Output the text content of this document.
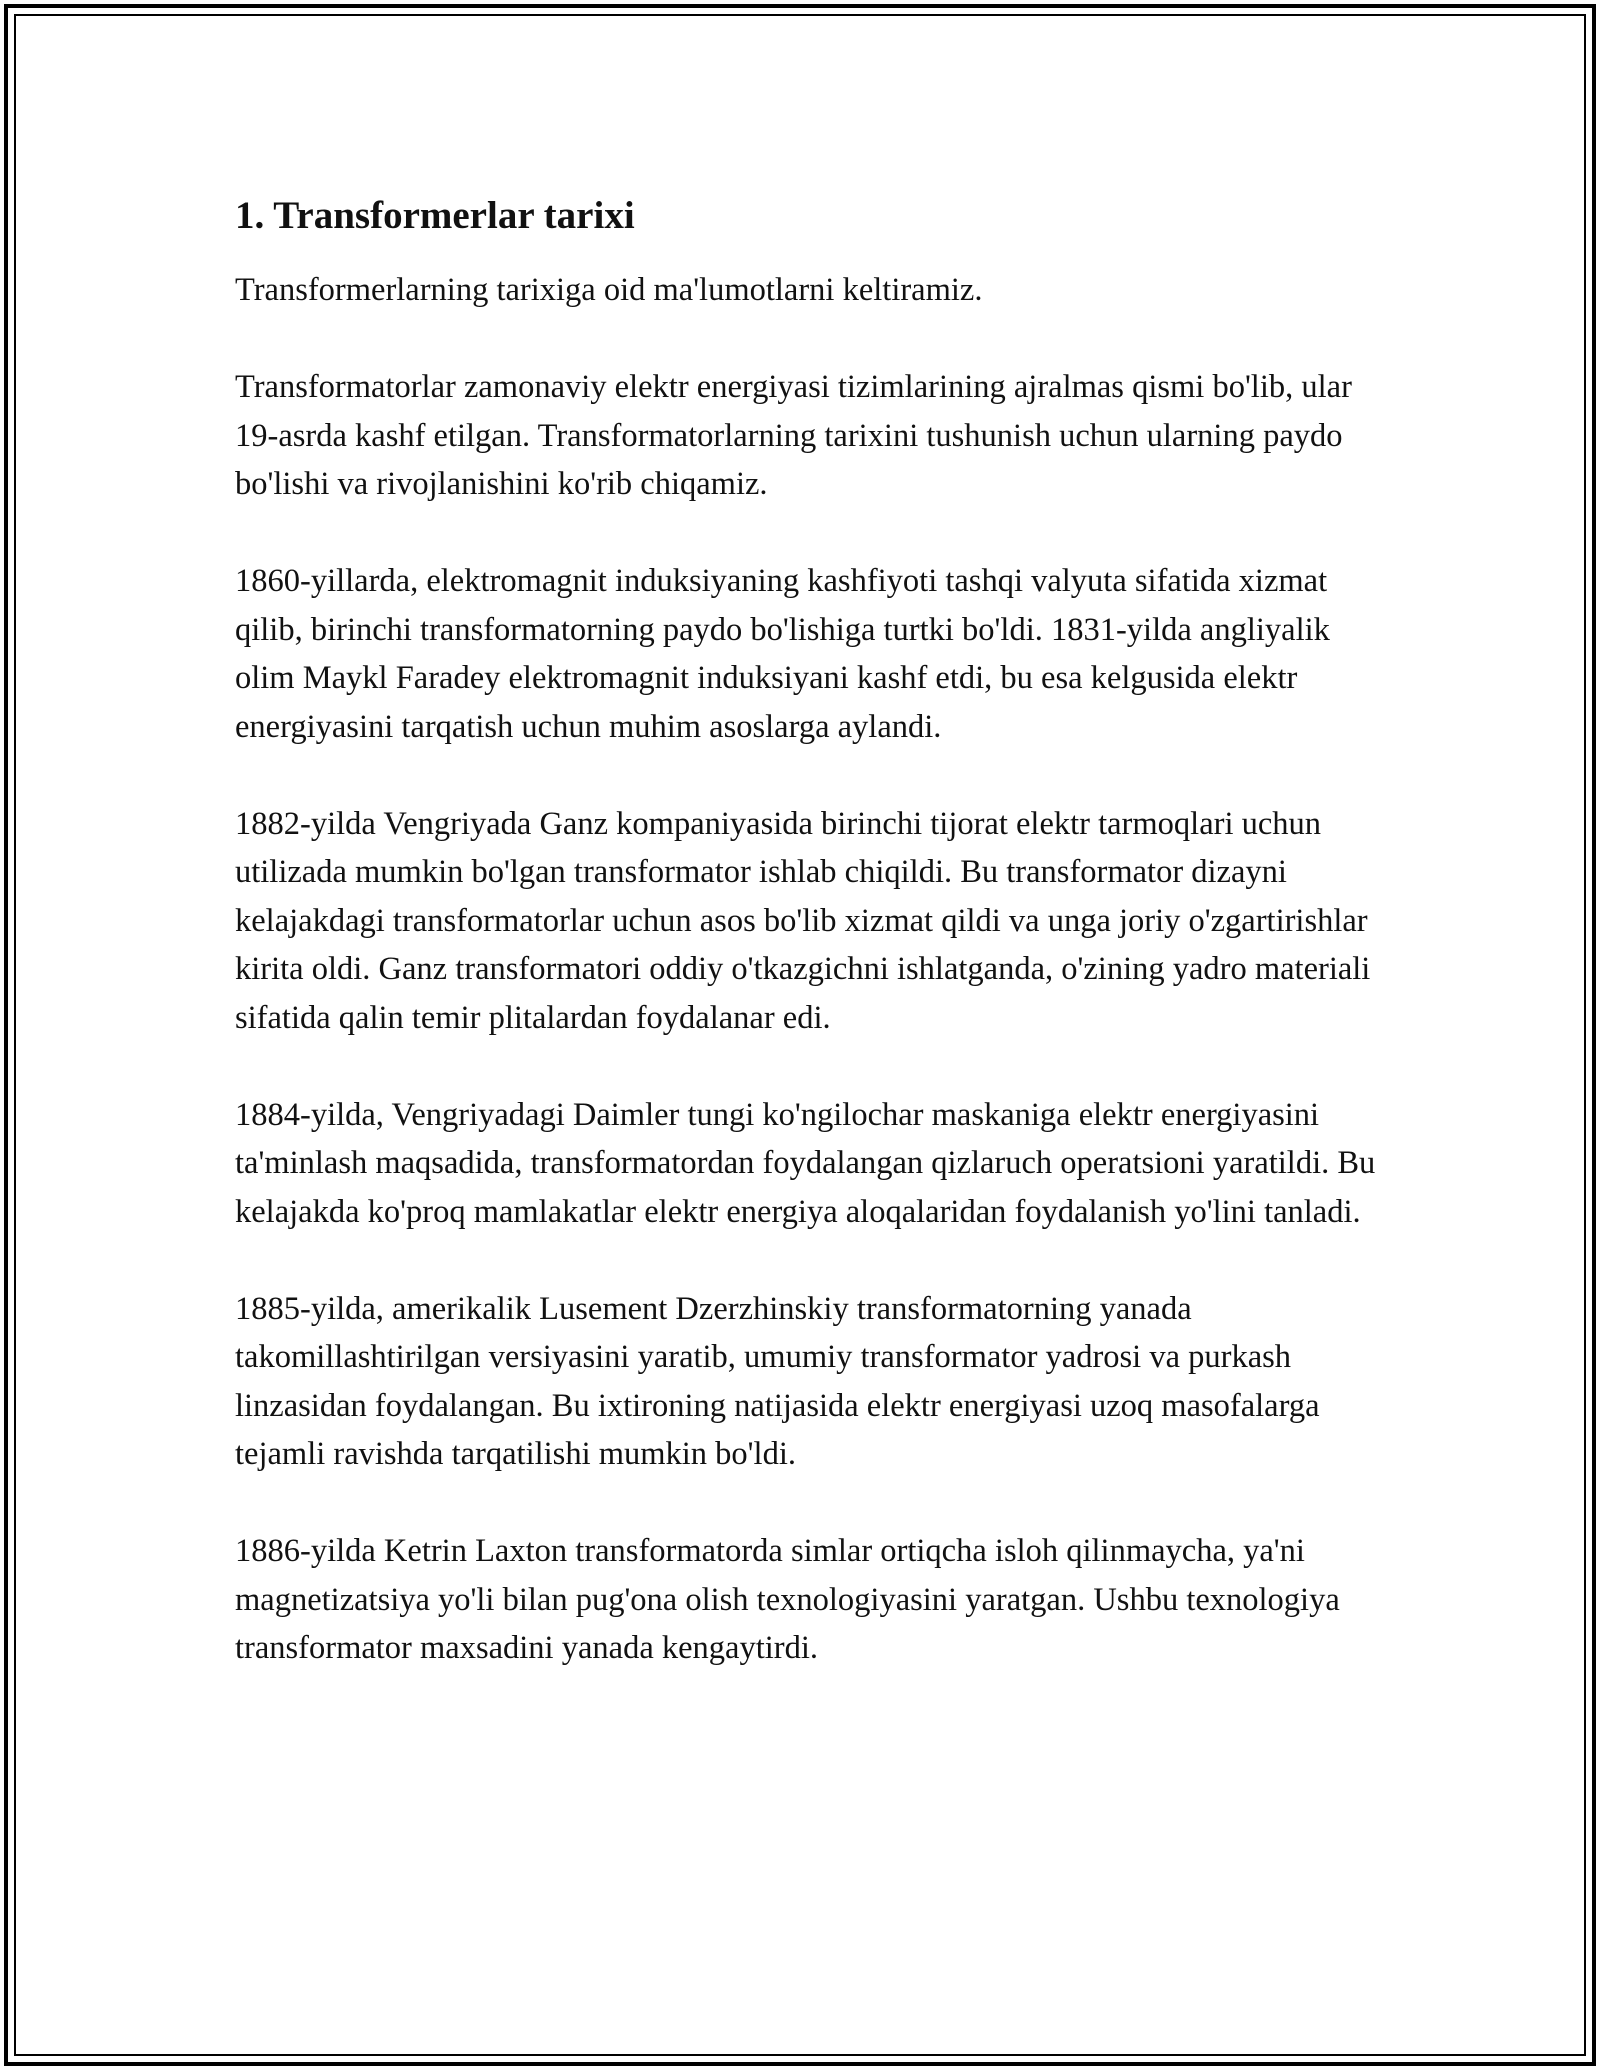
1. Transformerlar tarixi

Transformerlarning tarixiga oid ma'lumotlarni keltiramiz.

Transformatorlar zamonaviy elektr energiyasi tizimlarining ajralmas qismi bo'lib, ular 19-asrda kashf etilgan. Transformatorlarning tarixini tushunish uchun ularning paydo bo'lishi va rivojlanishini ko'rib chiqamiz.

1860-yillarda, elektromagnit induksiyaning kashfiyoti tashqi valyuta sifatida xizmat qilib, birinchi transformatorning paydo bo'lishiga turtki bo'ldi. 1831-yilda angliyalik olim Maykl Faradey elektromagnit induksiyani kashf etdi, bu esa kelgusida elektr energiyasini tarqatish uchun muhim asoslarga aylandi.

1882-yilda Vengriyada Ganz kompaniyasida birinchi tijorat elektr tarmoqlari uchun utilizada mumkin bo'lgan transformator ishlab chiqildi. Bu transformator dizayni kelajakdagi transformatorlar uchun asos bo'lib xizmat qildi va unga joriy o'zgartirishlar kirita oldi. Ganz transformatori oddiy o'tkazgichni ishlatganda, o'zining yadro materiali sifatida qalin temir plitalardan foydalanar edi.

1884-yilda, Vengriyadagi Daimler tungi ko'ngilochar maskaniga elektr energiyasini ta'minlash maqsadida, transformatordan foydalangan qizlaruch operatsioni yaratildi. Bu kelajakda ko'proq mamlakatlar elektr energiya aloqalaridan foydalanish yo'lini tanladi.

1885-yilda, amerikalik Lusement Dzerzhinskiy transformatorning yanada takomillashtirilgan versiyasini yaratib, umumiy transformator yadrosi va purkash linzasidan foydalangan. Bu ixtironing natijasida elektr energiyasi uzoq masofalarga tejamli ravishda tarqatilishi mumkin bo'ldi.

1886-yilda Ketrin Laxton transformatorda simlar ortiqcha isloh qilinmaycha, ya'ni magnetizatsiya yo'li bilan pug'ona olish texnologiyasini yaratgan. Ushbu texnologiya transformator maxsadini yanada kengaytirdi.
